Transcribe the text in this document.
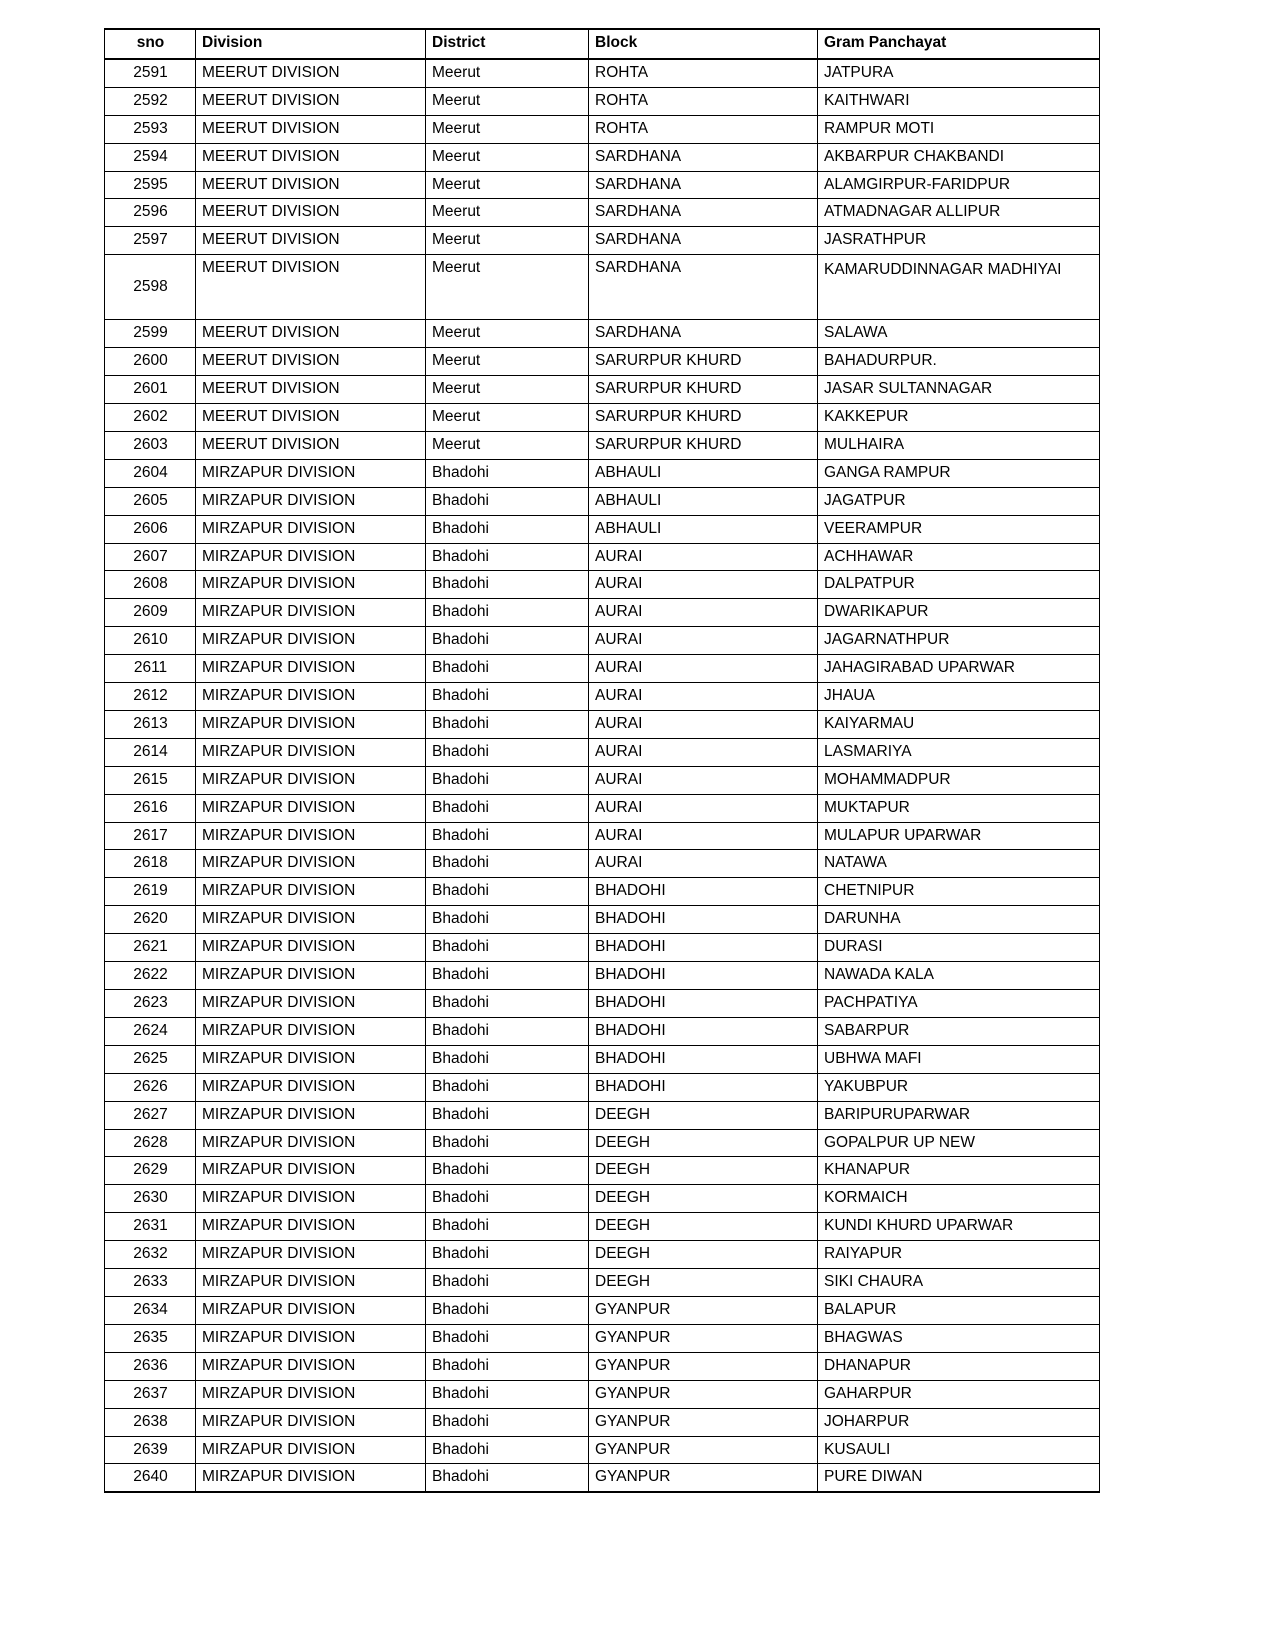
sno	Division	District	Block	Gram Panchayat
2591	MEERUT DIVISION	Meerut	ROHTA	JATPURA
2592	MEERUT DIVISION	Meerut	ROHTA	KAITHWARI
2593	MEERUT DIVISION	Meerut	ROHTA	RAMPUR MOTI
2594	MEERUT DIVISION	Meerut	SARDHANA	AKBARPUR CHAKBANDI
2595	MEERUT DIVISION	Meerut	SARDHANA	ALAMGIRPUR-FARIDPUR
2596	MEERUT DIVISION	Meerut	SARDHANA	ATMADNAGAR ALLIPUR
2597	MEERUT DIVISION	Meerut	SARDHANA	JASRATHPUR
2598	MEERUT DIVISION	Meerut	SARDHANA	KAMARUDDINNAGAR MADHIYAI
2599	MEERUT DIVISION	Meerut	SARDHANA	SALAWA
2600	MEERUT DIVISION	Meerut	SARURPUR KHURD	BAHADURPUR.
2601	MEERUT DIVISION	Meerut	SARURPUR KHURD	JASAR SULTANNAGAR
2602	MEERUT DIVISION	Meerut	SARURPUR KHURD	KAKKEPUR
2603	MEERUT DIVISION	Meerut	SARURPUR KHURD	MULHAIRA
2604	MIRZAPUR DIVISION	Bhadohi	ABHAULI	GANGA RAMPUR
2605	MIRZAPUR DIVISION	Bhadohi	ABHAULI	JAGATPUR
2606	MIRZAPUR DIVISION	Bhadohi	ABHAULI	VEERAMPUR
2607	MIRZAPUR DIVISION	Bhadohi	AURAI	ACHHAWAR
2608	MIRZAPUR DIVISION	Bhadohi	AURAI	DALPATPUR
2609	MIRZAPUR DIVISION	Bhadohi	AURAI	DWARIKAPUR
2610	MIRZAPUR DIVISION	Bhadohi	AURAI	JAGARNATHPUR
2611	MIRZAPUR DIVISION	Bhadohi	AURAI	JAHAGIRABAD UPARWAR
2612	MIRZAPUR DIVISION	Bhadohi	AURAI	JHAUA
2613	MIRZAPUR DIVISION	Bhadohi	AURAI	KAIYARMAU
2614	MIRZAPUR DIVISION	Bhadohi	AURAI	LASMARIYA
2615	MIRZAPUR DIVISION	Bhadohi	AURAI	MOHAMMADPUR
2616	MIRZAPUR DIVISION	Bhadohi	AURAI	MUKTAPUR
2617	MIRZAPUR DIVISION	Bhadohi	AURAI	MULAPUR UPARWAR
2618	MIRZAPUR DIVISION	Bhadohi	AURAI	NATAWA
2619	MIRZAPUR DIVISION	Bhadohi	BHADOHI	CHETNIPUR
2620	MIRZAPUR DIVISION	Bhadohi	BHADOHI	DARUNHA
2621	MIRZAPUR DIVISION	Bhadohi	BHADOHI	DURASI
2622	MIRZAPUR DIVISION	Bhadohi	BHADOHI	NAWADA KALA
2623	MIRZAPUR DIVISION	Bhadohi	BHADOHI	PACHPATIYA
2624	MIRZAPUR DIVISION	Bhadohi	BHADOHI	SABARPUR
2625	MIRZAPUR DIVISION	Bhadohi	BHADOHI	UBHWA MAFI
2626	MIRZAPUR DIVISION	Bhadohi	BHADOHI	YAKUBPUR
2627	MIRZAPUR DIVISION	Bhadohi	DEEGH	BARIPURUPARWAR
2628	MIRZAPUR DIVISION	Bhadohi	DEEGH	GOPALPUR UP NEW
2629	MIRZAPUR DIVISION	Bhadohi	DEEGH	KHANAPUR
2630	MIRZAPUR DIVISION	Bhadohi	DEEGH	KORMAICH
2631	MIRZAPUR DIVISION	Bhadohi	DEEGH	KUNDI KHURD UPARWAR
2632	MIRZAPUR DIVISION	Bhadohi	DEEGH	RAIYAPUR
2633	MIRZAPUR DIVISION	Bhadohi	DEEGH	SIKI CHAURA
2634	MIRZAPUR DIVISION	Bhadohi	GYANPUR	BALAPUR
2635	MIRZAPUR DIVISION	Bhadohi	GYANPUR	BHAGWAS
2636	MIRZAPUR DIVISION	Bhadohi	GYANPUR	DHANAPUR
2637	MIRZAPUR DIVISION	Bhadohi	GYANPUR	GAHARPUR
2638	MIRZAPUR DIVISION	Bhadohi	GYANPUR	JOHARPUR
2639	MIRZAPUR DIVISION	Bhadohi	GYANPUR	KUSAULI
2640	MIRZAPUR DIVISION	Bhadohi	GYANPUR	PURE DIWAN
